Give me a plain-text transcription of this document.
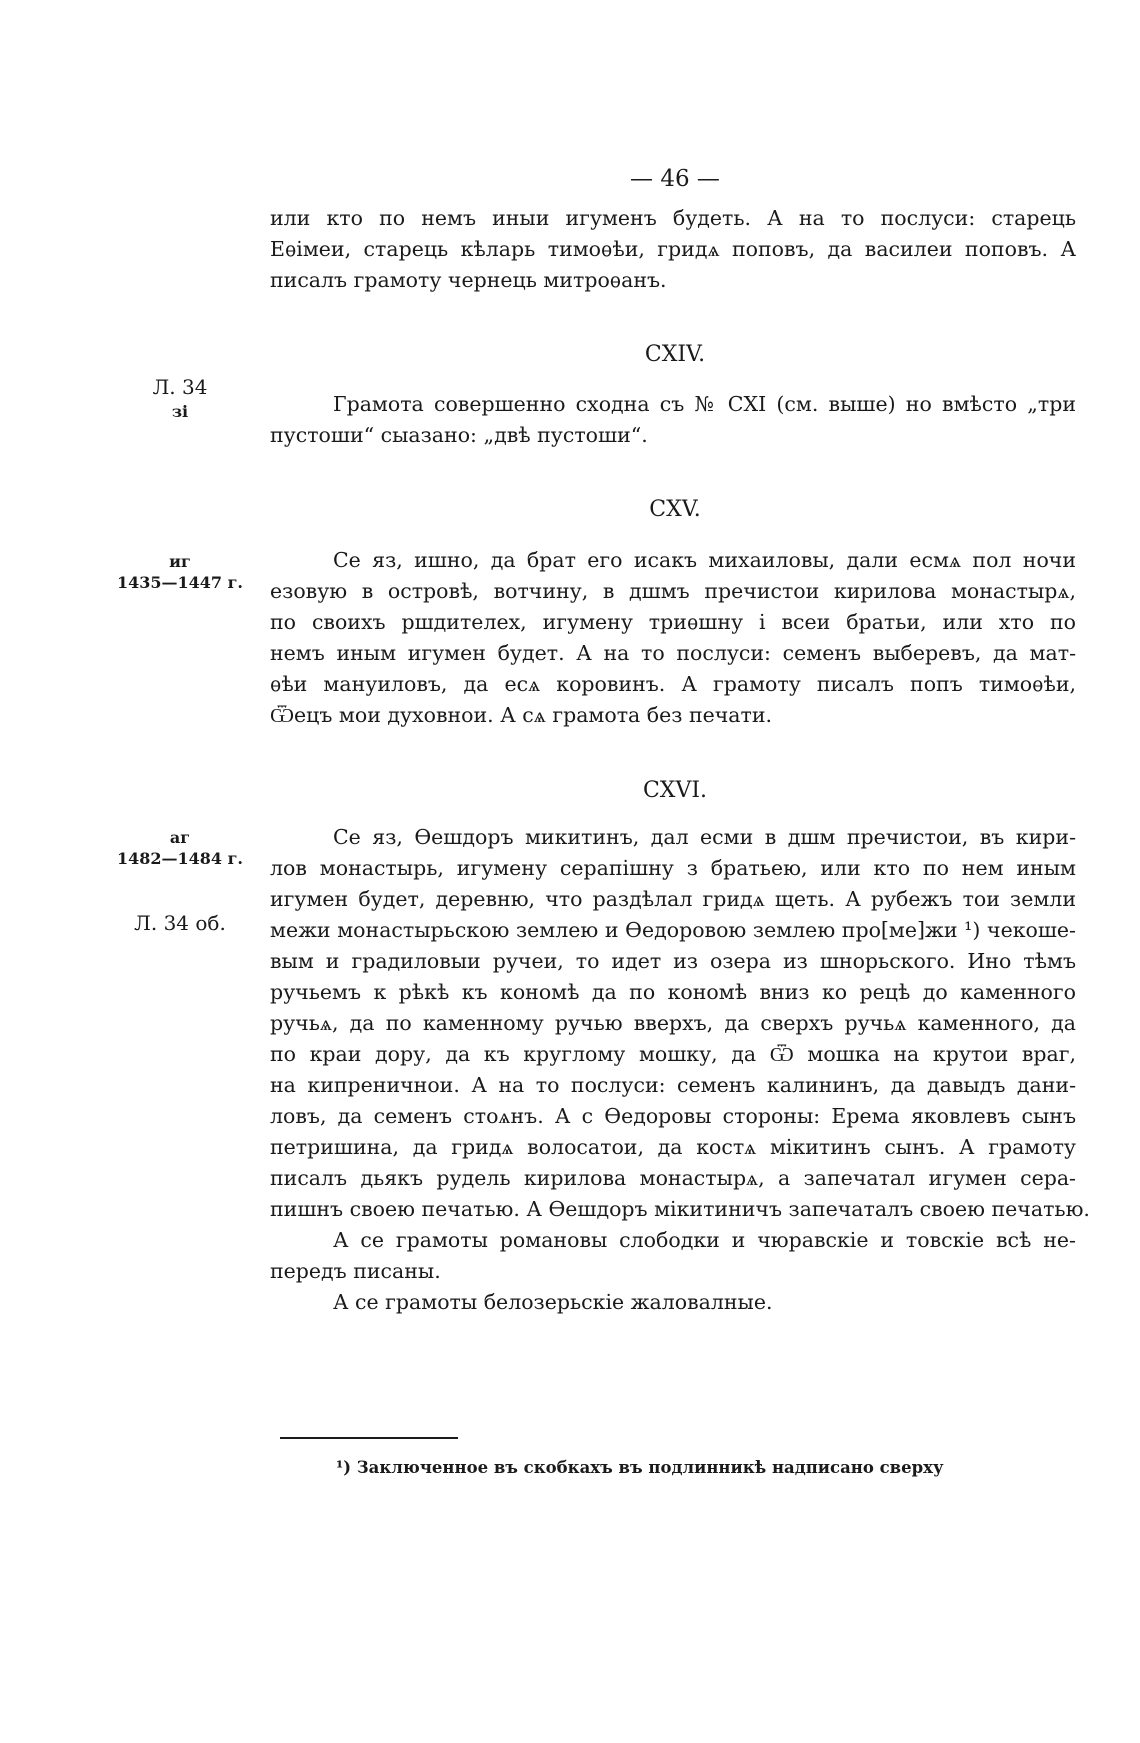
— 46 —
или кто по немъ иныи игуменъ будеть. А на то послуси: старець
Еѳімеи, старець кѣларь тимоѳѣи, гридѧ поповъ, да василеи поповъ. А
писалъ грамоту чернець митроѳанъ.
CXIV.
Л. 34
зі	Грамота совершенно сходна съ № CXI (см. выше) но вмѣсто „три
пустоши“ сыазано: „двѣ пустоши“.
CXV.
иг
1435—1447 г.
Се яз, ишно, да брат его исакъ михаиловы, дали есмѧ пол ночи
езовую в островѣ, вотчину, в дшмъ пречистои кирилова монастырѧ,
по своихъ ршдителех, игумену триѳшну і всеи братьи, или хто по
немъ иным игумен будет. А на то послуси: семенъ выберевъ, да мат-
ѳѣи мануиловъ, да есѧ коровинъ. А грамоту писалъ попъ тимоѳѣи,
Ѿецъ мои духовнои. А сѧ грамота без печати.
CXVI.
аг
1482—1484 г.
Л. 34 об.
Се яз, Ѳешдоръ микитинъ, дал есми в дшм пречистои, въ кири-
лов монастырь, игумену серапішну з братьею, или кто по нем иным
игумен будет, деревню, что раздѣлал гридѧ щеть. А рубежъ тои земли
межи монастырьскою землею и Ѳедоровою землею про[ме]жи ¹) чекоше-
вым и градиловыи ручеи, то идет из озера из шнорьского. Ино тѣмъ
ручьемъ к рѣкѣ къ кономѣ да по кономѣ вниз ко рецѣ до каменного
ручьѧ, да по каменному ручью вверхъ, да сверхъ ручьѧ каменного, да
по краи дору, да къ круглому мошку, да Ѿ мошка на крутои враг,
на кипреничнои. А на то послуси: семенъ калининъ, да давыдъ дани-
ловъ, да семенъ стоѧнъ. А с Ѳедоровы стороны: Ерема яковлевъ сынъ
петришина, да гридѧ волосатои, да костѧ мікитинъ сынъ. А грамоту
писалъ дьякъ рудель кирилова монастырѧ, а запечатал игумен сера-
пишнъ своею печатью. А Ѳешдоръ мікитиничъ запечаталъ своею печатью.
А се грамоты романовы слободки и чюравскіе и товскіе всѣ не-
передъ писаны.
А се грамоты белозерьскіе жаловалные.
¹) Заключенное въ скобкахъ въ подлинникѣ надписано сверху
